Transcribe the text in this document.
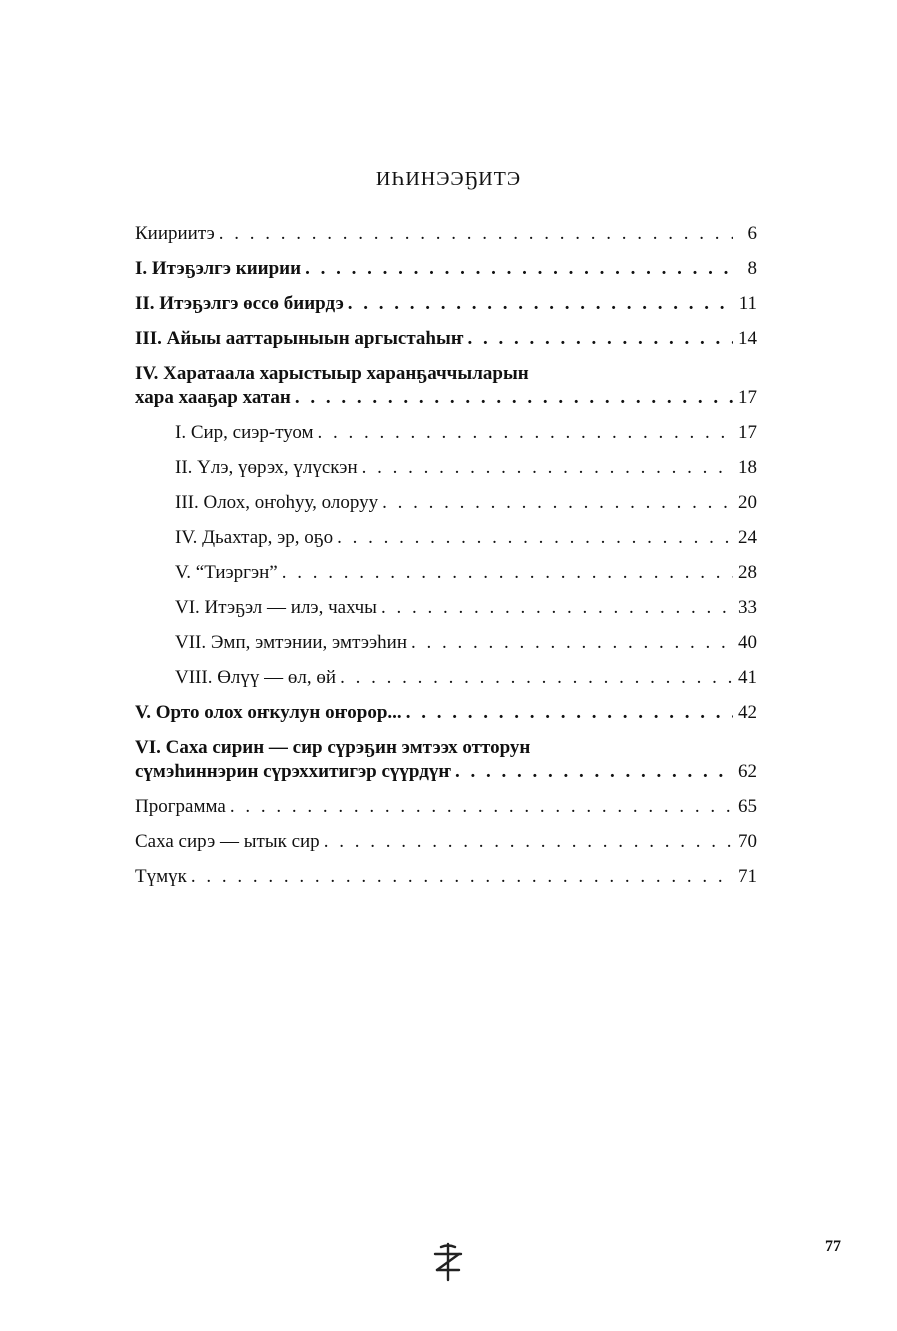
ИҺИНЭЭҔИТЭ
Киириитэ . . .	6
I. Итэҕэлгэ киирии . . .	8
II. Итэҕэлгэ өссө биирдэ . . .	11
III. Айыы ааттарыныын аргыстаһыҥ . . .	14
IV. Харатаала харыстыыр харанҕаччыларын
хара хааҕар хатан . . .	17
I. Сир, сиэр-туом . . .	17
II. Үлэ, үөрэх, үлүскэн . . .	18
III. Олох, оҥоһуу, олоруу . . .	20
IV. Дьахтар, эр, оҕо . . .	24
V. “Тиэргэн” . . .	28
VI. Итэҕэл — илэ, чахчы . . .	33
VII. Эмп, эмтэнии, эмтээһин . . .	40
VIII. Өлүү — өл, өй . . .	41
V. Орто олох оҥкулун оҥорор... . . .	42
VI. Саха сирин — сир сүрэҕин эмтээх отторун
сүмэһиннэрин сүрэххитигэр сүүрдүҥ . . .	62
Программа . . .	65
Саха сирэ — ытык сир . . .	70
Түмүк . . .	71
77
